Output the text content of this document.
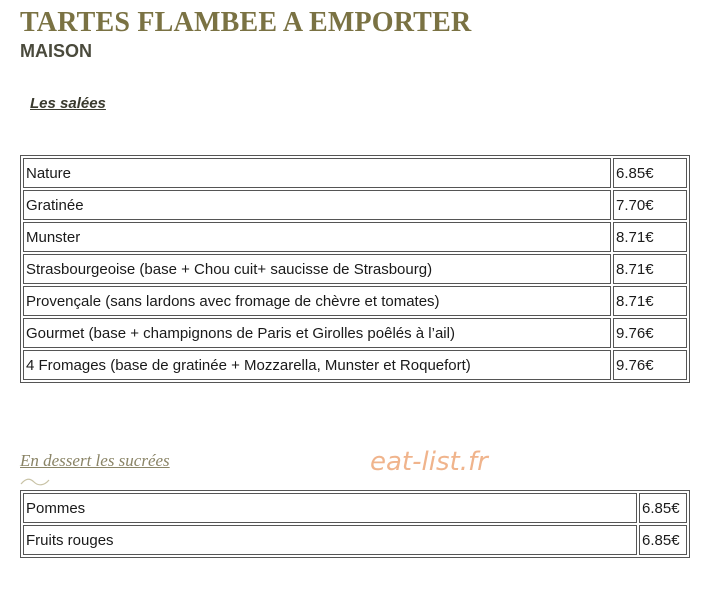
TARTES FLAMBEE A EMPORTER
MAISON
Les salées
Nature	6.85€
Gratinée	7.70€
Munster	8.71€
Strasbourgeoise (base + Chou cuit+ saucisse de Strasbourg)	8.71€
Provençale (sans lardons avec fromage de chèvre et tomates)	8.71€
Gourmet (base + champignons de Paris et Girolles poêlés à l’ail)	9.76€
4 Fromages (base de gratinée + Mozzarella, Munster et Roquefort)	9.76€
En dessert les sucrées	eat-list.fr
Pommes	6.85€
Fruits rouges	6.85€
